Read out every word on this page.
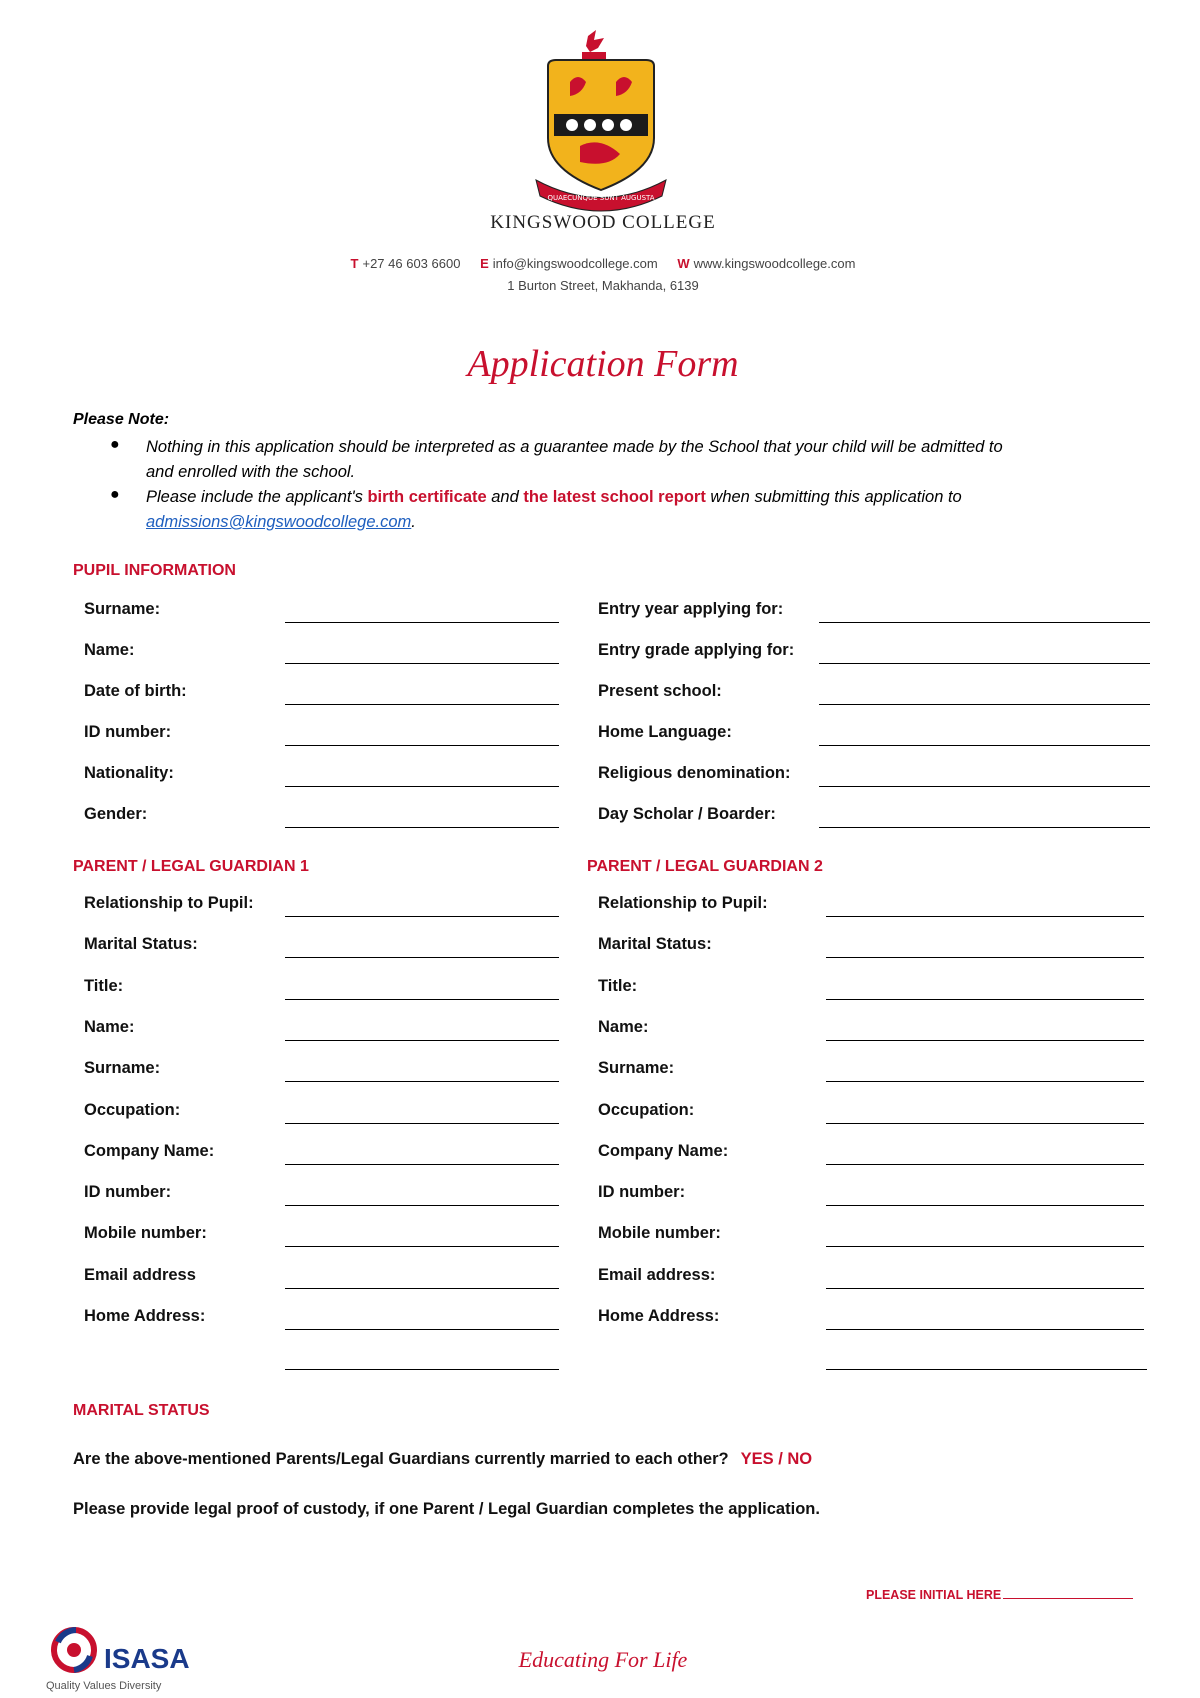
QUAECUNQUE SUNT AUGUSTA
KINGSWOOD COLLEGE
T +27 46 603 6600 E info@kingswoodcollege.com W www.kingswoodcollege.com
1 Burton Street, Makhanda, 6139
Application Form
Please Note:
● Nothing in this application should be interpreted as a guarantee made by the School that your child will be admitted to
and enrolled with the school.
● Please include the applicant's birth certificate and the latest school report when submitting this application to
admissions@kingswoodcollege.com.
PUPIL INFORMATION
Surname:
Name:
Date of birth:
ID number:
Nationality:
Gender:
Entry year applying for:
Entry grade applying for:
Present school:
Home Language:
Religious denomination:
Day Scholar / Boarder:
PARENT / LEGAL GUARDIAN 1	PARENT / LEGAL GUARDIAN 2
Relationship to Pupil:
Marital Status:
Title:
Name:
Surname:
Occupation:
Company Name:
ID number:
Mobile number:
Email address
Home Address:
Relationship to Pupil:
Marital Status:
Title:
Name:
Surname:
Occupation:
Company Name:
ID number:
Mobile number:
Email address:
Home Address:
MARITAL STATUS
Are the above-mentioned Parents/Legal Guardians currently married to each other? YES / NO
Please provide legal proof of custody, if one Parent / Legal Guardian completes the application.
PLEASE INITIAL HERE
ISASA
Quality Values Diversity
Educating For Life
